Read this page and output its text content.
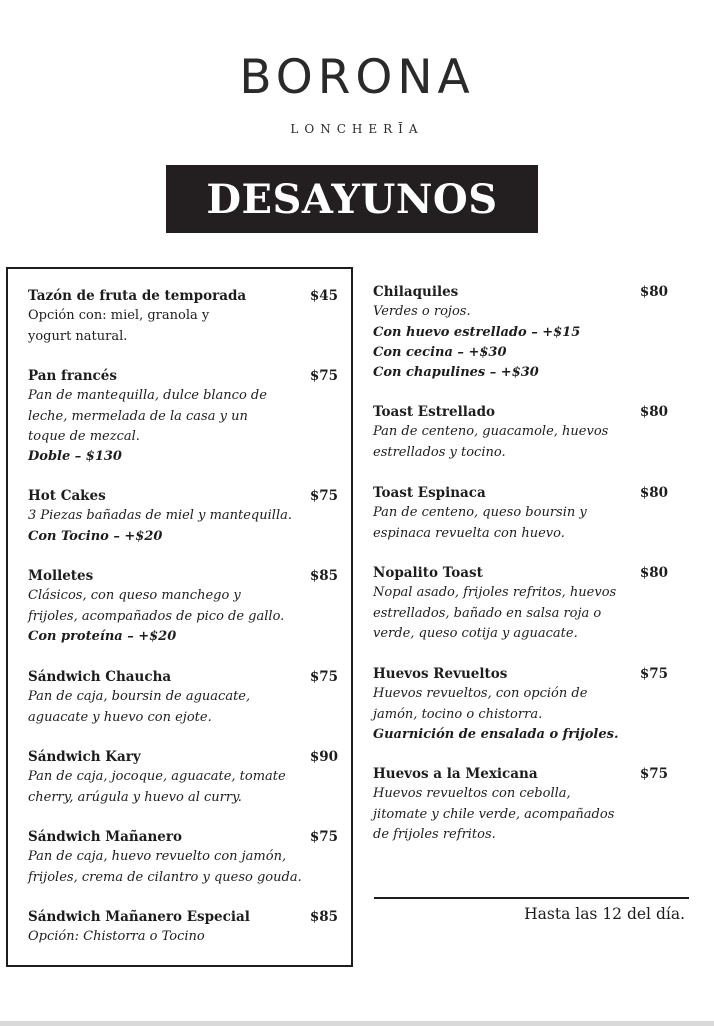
BORONA
LONCHERĪA
DESAYUNOS
Tazón de fruta de temporada	$45
Opción con: miel, granola y
yogurt natural.
Pan francés	$75
Pan de mantequilla, dulce blanco de
leche, mermelada de la casa y un
toque de mezcal.
Doble – $130
Hot Cakes	$75
3 Piezas bañadas de miel y mantequilla.
Con Tocino – +$20
Molletes	$85
Clásicos, con queso manchego y
frijoles, acompañados de pico de gallo.
Con proteína – +$20
Sándwich Chaucha	$75
Pan de caja, boursin de aguacate,
aguacate y huevo con ejote.
Sándwich Kary	$90
Pan de caja, jocoque, aguacate, tomate
cherry, arúgula y huevo al curry.
Sándwich Mañanero	$75
Pan de caja, huevo revuelto con jamón,
frijoles, crema de cilantro y queso gouda.
Sándwich Mañanero Especial	$85
Opción: Chistorra o Tocino
Chilaquiles	$80
Verdes o rojos.
Con huevo estrellado – +$15
Con cecina – +$30
Con chapulines – +$30
Toast Estrellado	$80
Pan de centeno, guacamole, huevos
estrellados y tocino.
Toast Espinaca	$80
Pan de centeno, queso boursin y
espinaca revuelta con huevo.
Nopalito Toast	$80
Nopal asado, frijoles refritos, huevos
estrellados, bañado en salsa roja o
verde, queso cotija y aguacate.
Huevos Revueltos	$75
Huevos revueltos, con opción de
jamón, tocino o chistorra.
Guarnición de ensalada o frijoles.
Huevos a la Mexicana	$75
Huevos revueltos con cebolla,
jitomate y chile verde, acompañados
de frijoles refritos.
Hasta las 12 del día.
